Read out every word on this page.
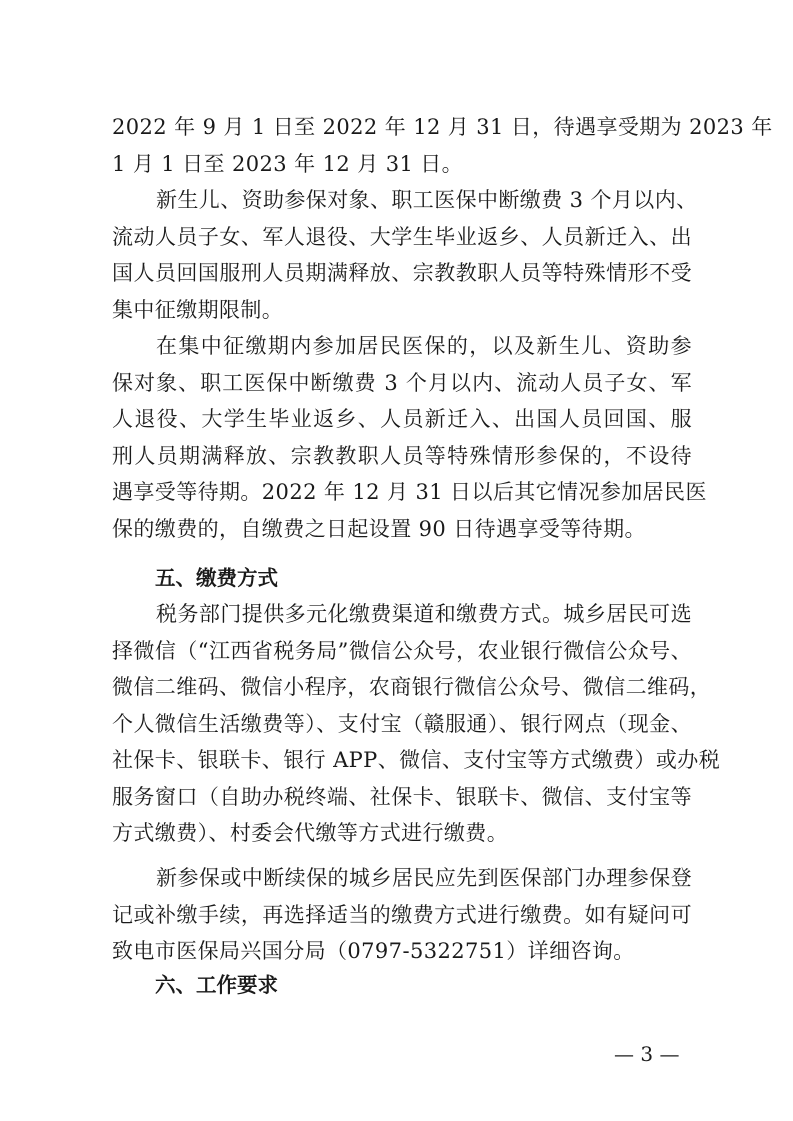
2022 年 9 月 1 日至 2022 年 12 月 31 日，待遇享受期为 2023 年
1 月 1 日至 2023 年 12 月 31 日。
新生儿、资助参保对象、职工医保中断缴费 3 个月以内、
流动人员子女、军人退役、大学生毕业返乡、人员新迁入、出
国人员回国服刑人员期满释放、宗教教职人员等特殊情形不受
集中征缴期限制。
在集中征缴期内参加居民医保的，以及新生儿、资助参
保对象、职工医保中断缴费 3 个月以内、流动人员子女、军
人退役、大学生毕业返乡、人员新迁入、出国人员回国、服
刑人员期满释放、宗教教职人员等特殊情形参保的，不设待
遇享受等待期。2022 年 12 月 31 日以后其它情况参加居民医
保的缴费的，自缴费之日起设置 90 日待遇享受等待期。
五、缴费方式
税务部门提供多元化缴费渠道和缴费方式。城乡居民可选
择微信（“江西省税务局”微信公众号，农业银行微信公众号、
微信二维码、微信小程序，农商银行微信公众号、微信二维码，
个人微信生活缴费等）、支付宝（赣服通）、银行网点（现金、
社保卡、银联卡、银行 APP、微信、支付宝等方式缴费）或办税
服务窗口（自助办税终端、社保卡、银联卡、微信、支付宝等
方式缴费）、村委会代缴等方式进行缴费。
新参保或中断续保的城乡居民应先到医保部门办理参保登
记或补缴手续，再选择适当的缴费方式进行缴费。如有疑问可
致电市医保局兴国分局（0797-5322751）详细咨询。
六、工作要求
— 3 —
